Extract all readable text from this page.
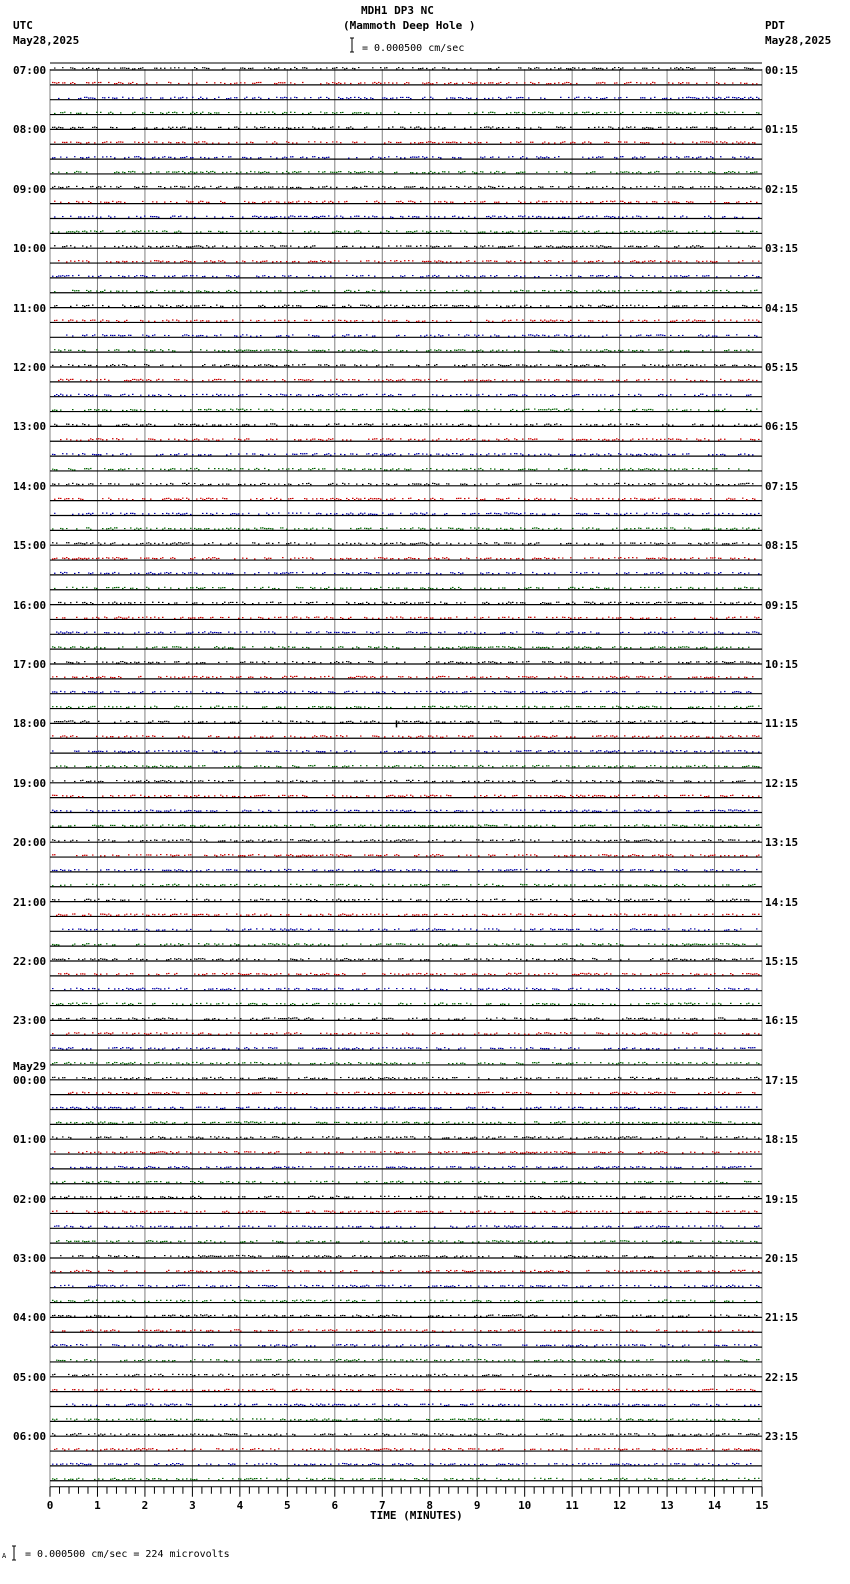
MDH1 DP3 NC
(Mammoth Deep Hole )
= 0.000500 cm/sec
UTC
May28,2025
PDT
May28,2025
07:00
08:00
09:00
10:00
11:00
12:00
13:00
14:00
15:00
16:00
17:00
18:00
19:00
20:00
21:00
22:00
23:00
00:00
May29
01:00
02:00
03:00
04:00
05:00
06:00
00:15
01:15
02:15
03:15
04:15
05:15
06:15
07:15
08:15
09:15
10:15
11:15
12:15
13:15
14:15
15:15
16:15
17:15
18:15
19:15
20:15
21:15
22:15
23:15
0	1	2	3	4	5	6	7	8	9	10	11	12	13	14	15
TIME (MINUTES)
A = 0.000500 cm/sec = 224 microvolts
